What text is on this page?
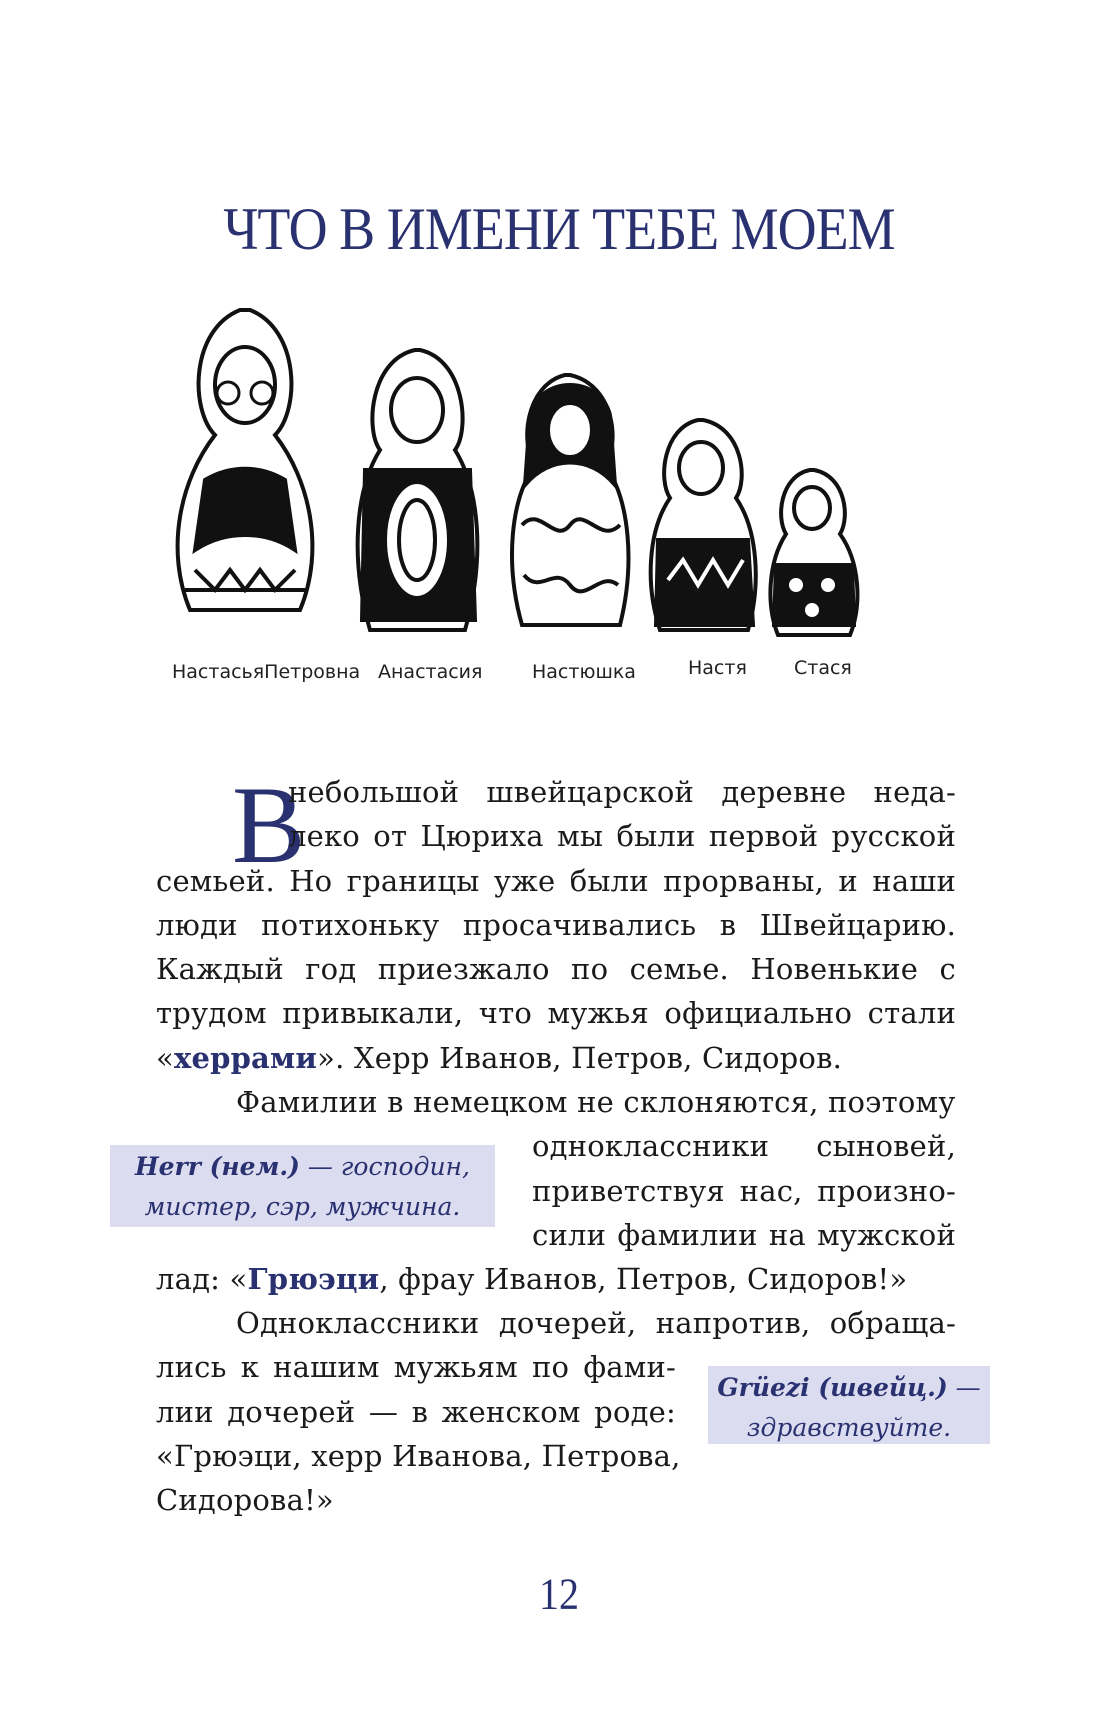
ЧТО В ИМЕНИ ТЕБЕ МОЕМ
НастасьяПетровна Анастасия	Настюшка	Настя Стася
В
небольшой швейцарской деревне неда-
леко от Цюриха мы были первой русской
семьей. Но границы уже были прорваны, и наши
люди потихоньку просачивались в Швейцарию.
Каждый год приезжало по семье. Новенькие с
трудом привыкали, что мужья официально стали
«херрами». Херр Иванов, Петров, Сидоров.
Фамилии в немецком не склоняются, поэтому
одноклассники сыновей,
приветствуя нас, произно-
сили фамилии на мужской
лад: «Грюэци, фрау Иванов, Петров, Сидоров!»
Одноклассники дочерей, напротив, обраща-
лись к нашим мужьям по фами-
лии дочерей — в женском роде:
«Грюэци, херр Иванова, Петрова,
Сидорова!»
Herr (нем.) — господин,
мистер, сэр, мужчина.
Grüezi (швейц.) —
здравствуйте.
12
